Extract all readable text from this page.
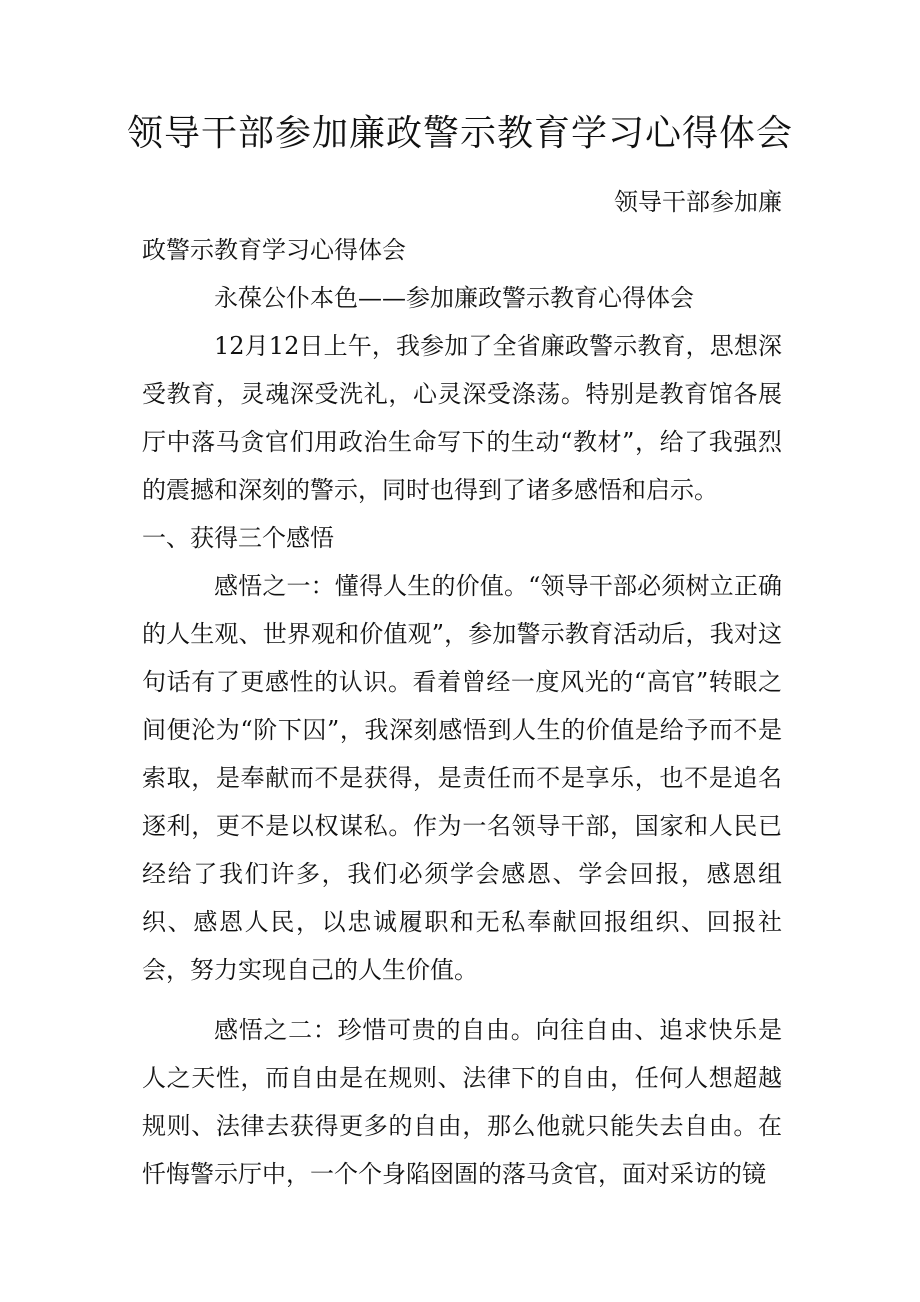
领导干部参加廉政警示教育学习心得体会

领导干部参加廉

政警示教育学习心得体会

永葆公仆本色——参加廉政警示教育心得体会

12月12日上午，我参加了全省廉政警示教育，思想深受教育，灵魂深受洗礼，心灵深受涤荡。特别是教育馆各展厅中落马贪官们用政治生命写下的生动“教材”，给了我强烈的震撼和深刻的警示，同时也得到了诸多感悟和启示。

一、获得三个感悟

感悟之一：懂得人生的价值。“领导干部必须树立正确的人生观、世界观和价值观”，参加警示教育活动后，我对这句话有了更感性的认识。看着曾经一度风光的“高官”转眼之间便沦为“阶下囚”，我深刻感悟到人生的价值是给予而不是索取，是奉献而不是获得，是责任而不是享乐，也不是追名逐利，更不是以权谋私。作为一名领导干部，国家和人民已经给了我们许多，我们必须学会感恩、学会回报，感恩组织、感恩人民，以忠诚履职和无私奉献回报组织、回报社会，努力实现自己的人生价值。

感悟之二：珍惜可贵的自由。向往自由、追求快乐是人之天性，而自由是在规则、法律下的自由，任何人想超越规则、法律去获得更多的自由，那么他就只能失去自由。在忏悔警示厅中，一个个身陷囹圄的落马贪官，面对采访的镜
